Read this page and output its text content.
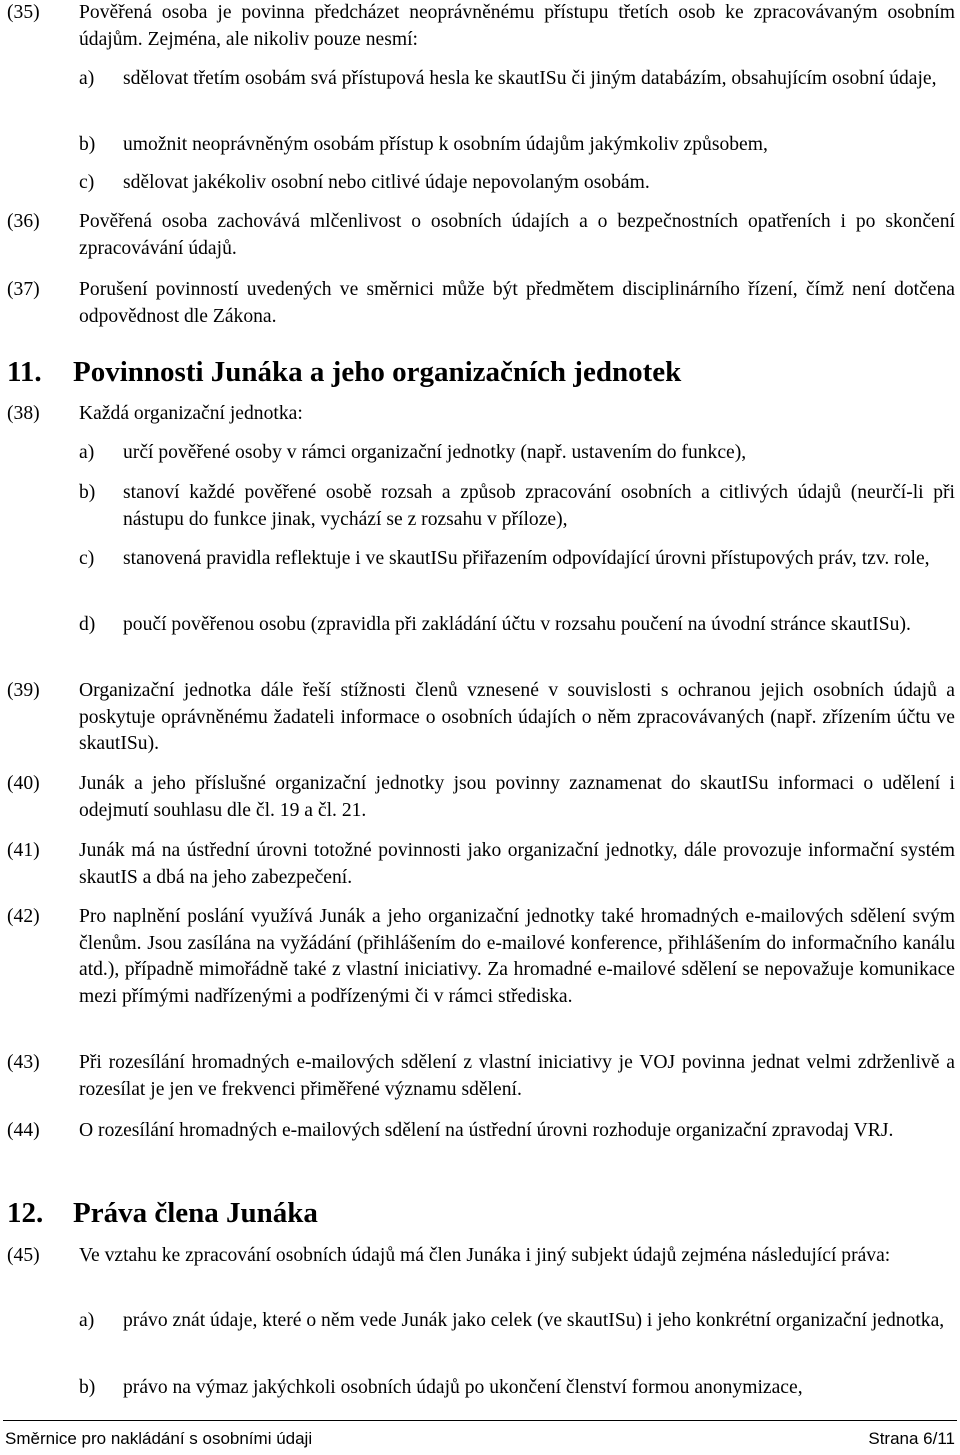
(35)	Pověřená osoba je povinna předcházet neoprávněnému přístupu třetích osob ke zpracovávaným osobním údajům. Zejména, ale nikoliv pouze nesmí:
a)	sdělovat třetím osobám svá přístupová hesla ke skautISu či jiným databázím, obsahujícím osobní údaje,
b)	umožnit neoprávněným osobám přístup k osobním údajům jakýmkoliv způsobem,
c)	sdělovat jakékoliv osobní nebo citlivé údaje nepovolaným osobám.
(36)	Pověřená osoba zachovává mlčenlivost o osobních údajích a o bezpečnostních opatřeních i po skončení zpracovávání údajů.
(37)	Porušení povinností uvedených ve směrnici může být předmětem disciplinárního řízení, čímž není dotčena odpovědnost dle Zákona.
11. Povinnosti Junáka a jeho organizačních jednotek
(38)	Každá organizační jednotka:
a)	určí pověřené osoby v rámci organizační jednotky (např. ustavením do funkce),
b)	stanoví každé pověřené osobě rozsah a způsob zpracování osobních a citlivých údajů (neurčí-li při nástupu do funkce jinak, vychází se z rozsahu v příloze),
c)	stanovená pravidla reflektuje i ve skautISu přiřazením odpovídající úrovni přístupových práv, tzv. role,
d)	poučí pověřenou osobu (zpravidla při zakládání účtu v rozsahu poučení na úvodní stránce skautISu).
(39)	Organizační jednotka dále řeší stížnosti členů vznesené v souvislosti s ochranou jejich osobních údajů a poskytuje oprávněnému žadateli informace o osobních údajích o něm zpracovávaných (např. zřízením účtu ve skautISu).
(40)	Junák a jeho příslušné organizační jednotky jsou povinny zaznamenat do skautISu informaci o udělení i odejmutí souhlasu dle čl. 19 a čl. 21.
(41)	Junák má na ústřední úrovni totožné povinnosti jako organizační jednotky, dále provozuje informační systém skautIS a dbá na jeho zabezpečení.
(42)	Pro naplnění poslání využívá Junák a jeho organizační jednotky také hromadných e-mailových sdělení svým členům. Jsou zasílána na vyžádání (přihlášením do e-mailové konference, přihlášením do informačního kanálu atd.), případně mimořádně také z vlastní iniciativy. Za hromadné e-mailové sdělení se nepovažuje komunikace mezi přímými nadřízenými a podřízenými či v rámci střediska.
(43)	Při rozesílání hromadných e-mailových sdělení z vlastní iniciativy je VOJ povinna jednat velmi zdrženlivě a rozesílat je jen ve frekvenci přiměřené významu sdělení.
(44)	O rozesílání hromadných e-mailových sdělení na ústřední úrovni rozhoduje organizační zpravodaj VRJ.
12. Práva člena Junáka
(45)	Ve vztahu ke zpracování osobních údajů má člen Junáka i jiný subjekt údajů zejména následující práva:
a)	právo znát údaje, které o něm vede Junák jako celek (ve skautISu) i jeho konkrétní organizační jednotka,
b)	právo na výmaz jakýchkoli osobních údajů po ukončení členství formou anonymizace,
Směrnice pro nakládání s osobními údaji	Strana 6/11
